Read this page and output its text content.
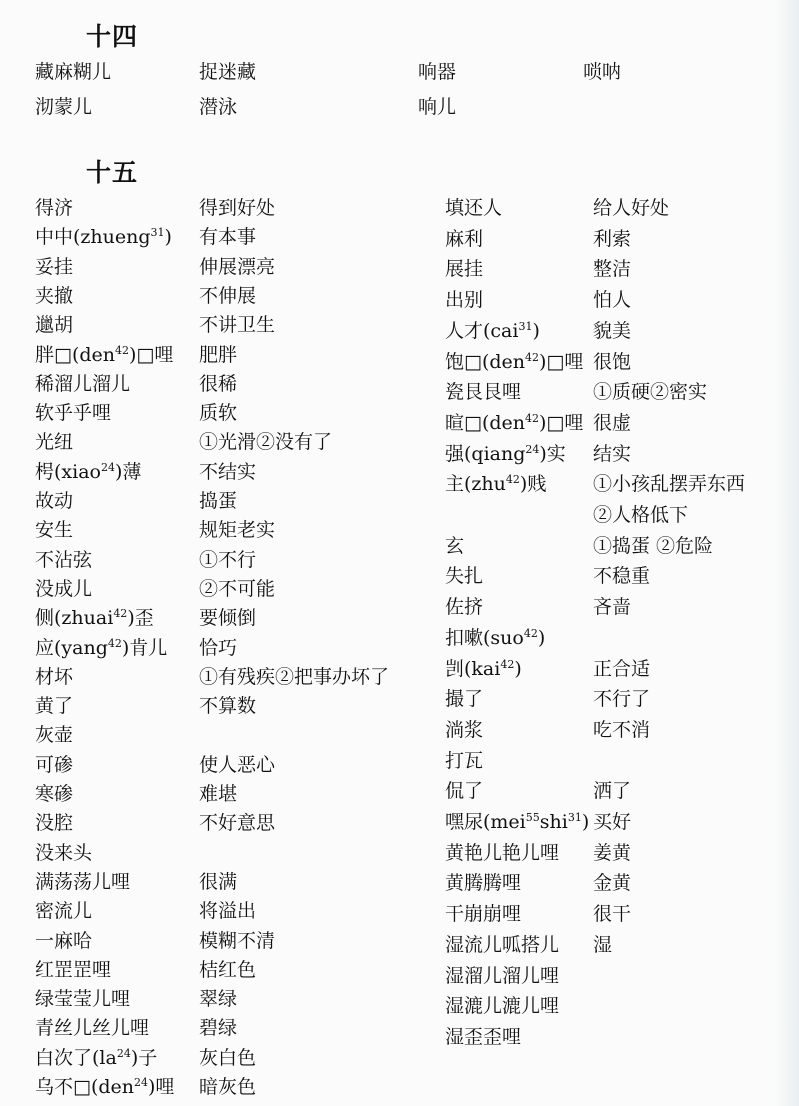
十四
藏麻糊儿	捉迷藏	响器	唢呐
沏蒙儿	潜泳	响儿
十五
得济	得到好处
中中(zhueng$^{31}$) 有本事
妥挂	伸展漂亮
夹撤	不伸展
邋胡	不讲卫生
胖□(den$^{42}$)□哩 肥胖
稀溜儿溜儿	很稀
软乎乎哩	质软
光纽	①光滑②没有了
枵(xiao$^{24}$)薄	不结实
故动	捣蛋
安生	规矩老实
不沾弦	①不行
没成儿	②不可能
侧(zhuai$^{42}$)歪 要倾倒
应(yang$^{42}$)肯儿 恰巧
材坏	①有残疾②把事办坏了
黄了	不算数
灰壶
可碜	使人恶心
寒碜	难堪
没腔	不好意思
没来头
满荡荡儿哩	很满
密流儿	将溢出
一麻哈	模糊不清
红罡罡哩	桔红色
绿莹莹儿哩	翠绿
青丝儿丝儿哩	碧绿
白次了$(la^{24})$子 灰白色
乌不□(den$^{24}$)哩 暗灰色
填还人	给人好处
麻利	利索
展挂	整洁
出别	怕人
人才(cai$^{31}$)	貌美
饱□(den$^{42}$)□哩 很饱
瓷艮艮哩	①质硬②密实
暄□(den$^{42}$)□哩 很虚
强(qiang$^{24}$)实 结实
主(zhu$^{42}$)贱 ①小孩乱摆弄东西
②人格低下
玄	①捣蛋 ②危险
失扎	不稳重
佐挤	吝啬
扣嗽(suo$^{42}$)
剀(kai$^{42}$)	正合适
撮了	不行了
淌浆	吃不消
打瓦
侃了	洒了
嘿尿(mei$^{55}$shi$^{31}$) 买好
黄艳儿艳儿哩 姜黄
黄腾腾哩	金黄
干崩崩哩	很干
湿流儿呱搭儿 湿
湿溜儿溜儿哩
湿漉儿漉儿哩
湿歪歪哩
